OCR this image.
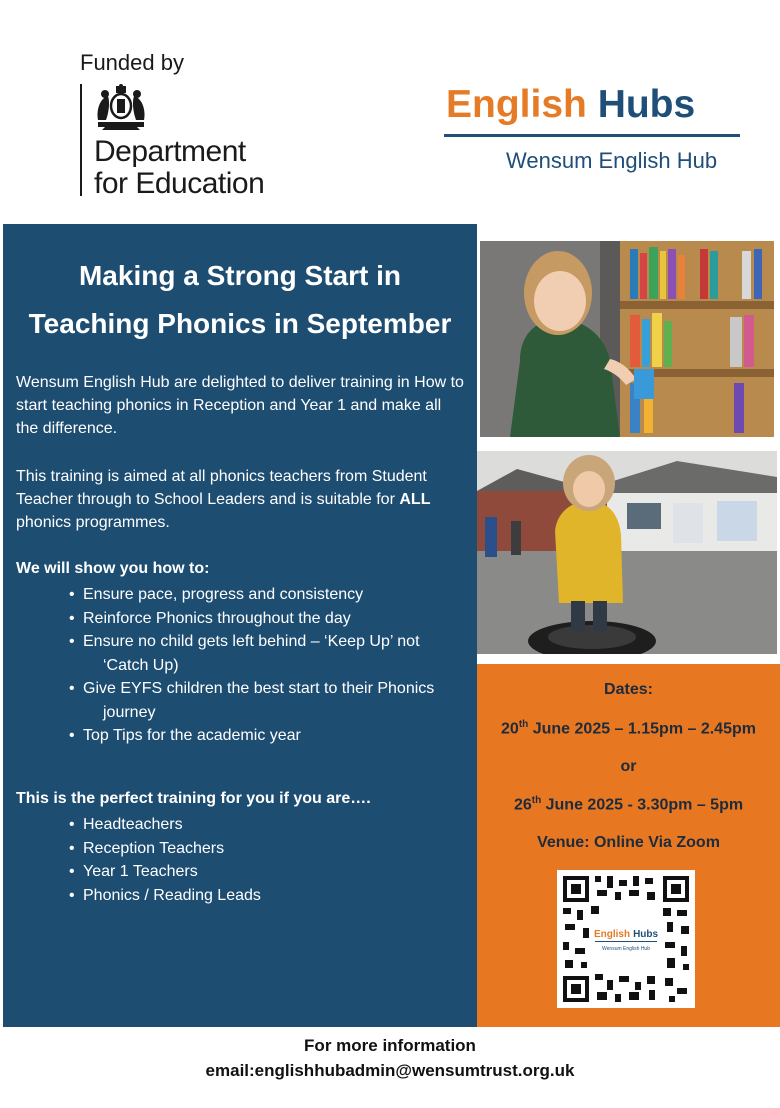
Funded by
Department
for Education
English Hubs
Wensum English Hub
Making a Strong Start in
Teaching Phonics in September
Wensum English Hub are delighted to deliver training in How to start teaching phonics in Reception and Year 1 and make all the difference.
This training is aimed at all phonics teachers from Student Teacher through to School Leaders and is suitable for ALL phonics programmes.
We will show you how to:
• Ensure pace, progress and consistency
• Reinforce Phonics throughout the day
• Ensure no child gets left behind – ‘Keep Up’ not
‘Catch Up)
• Give EYFS children the best start to their Phonics
journey
• Top Tips for the academic year
This is the perfect training for you if you are….
• Headteachers
• Reception Teachers
• Year 1 Teachers
• Phonics / Reading Leads
Dates:
20th June 2025 – 1.15pm – 2.45pm
or
26th June 2025 - 3.30pm – 5pm
Venue: Online Via Zoom
English Hubs
Wensum English Hub
For more information
email:englishhubadmin@wensumtrust.org.uk
